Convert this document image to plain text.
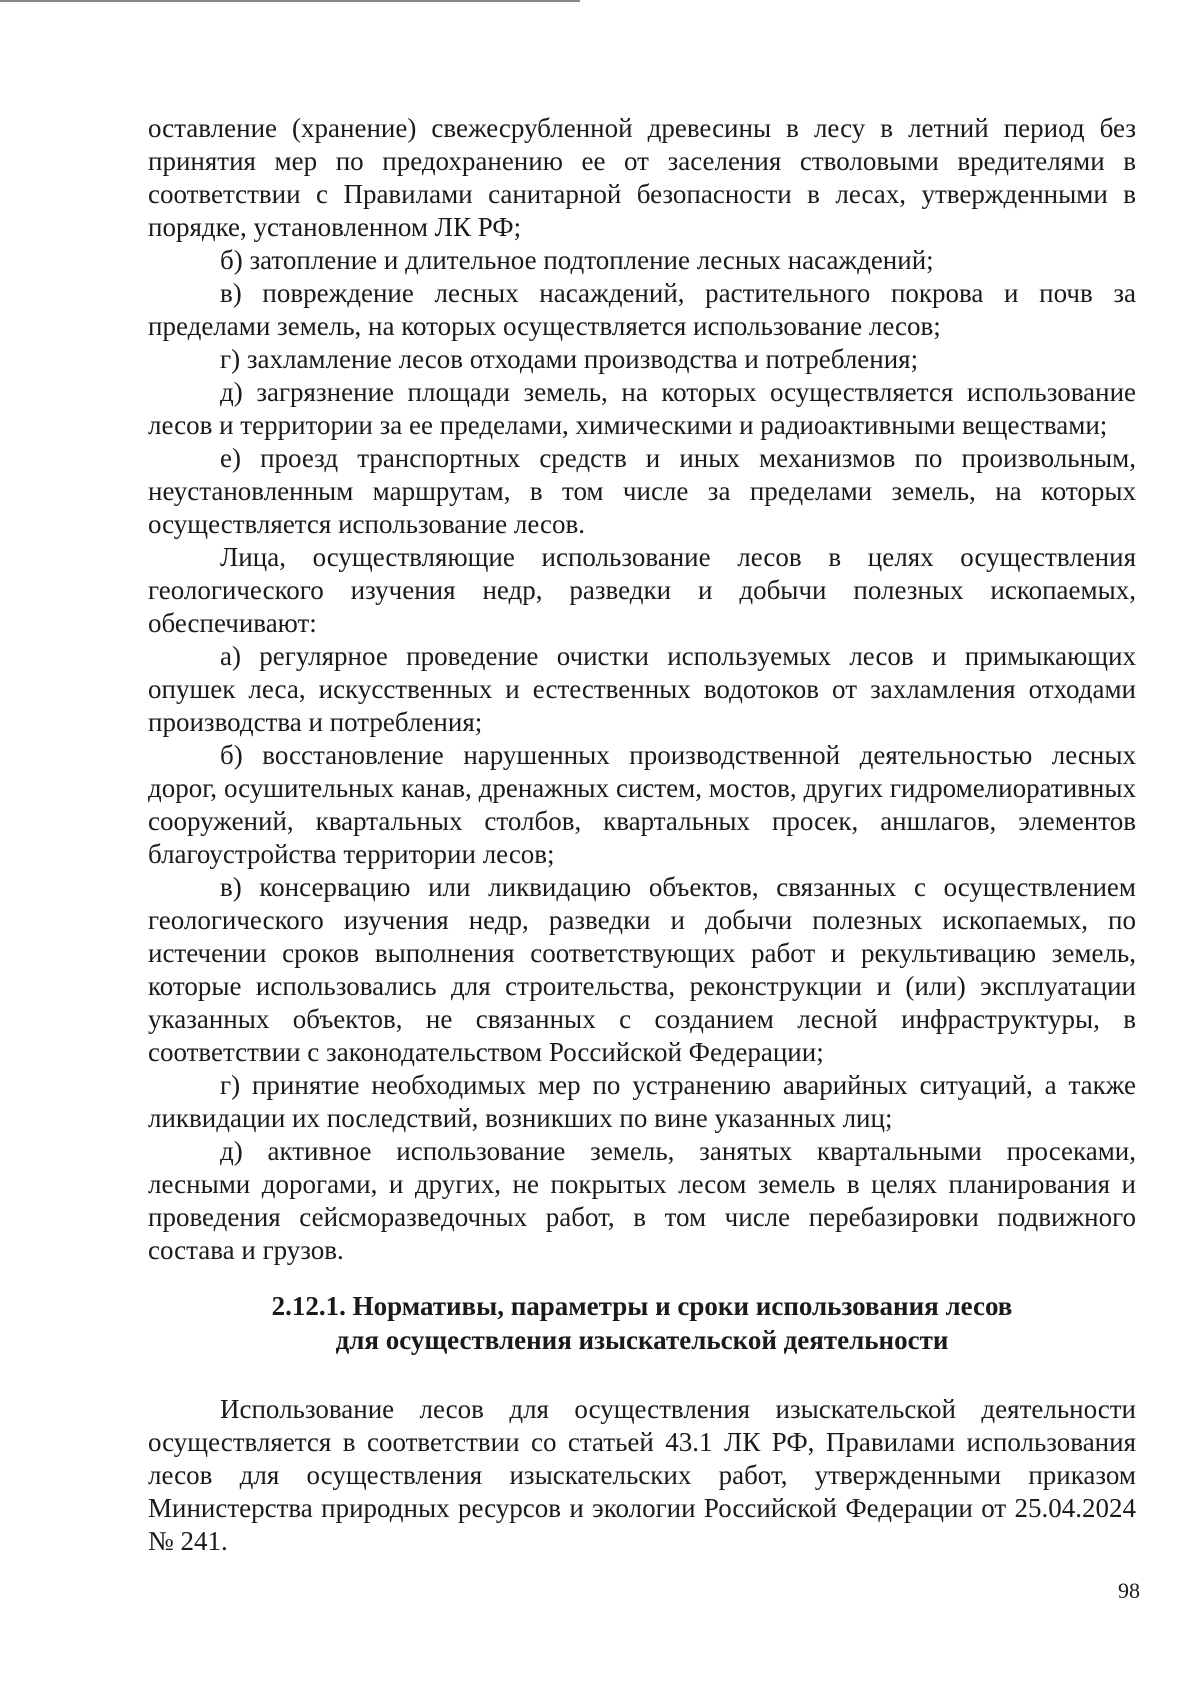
оставление (хранение) свежесрубленной древесины в лесу в летний период без принятия мер по предохранению ее от заселения стволовыми вредителями в соответствии с Правилами санитарной безопасности в лесах, утвержденными в порядке, установленном ЛК РФ;

б) затопление и длительное подтопление лесных насаждений;

в) повреждение лесных насаждений, растительного покрова и почв за пределами земель, на которых осуществляется использование лесов;

г) захламление лесов отходами производства и потребления;

д) загрязнение площади земель, на которых осуществляется использование лесов и территории за ее пределами, химическими и радиоактивными веществами;

е) проезд транспортных средств и иных механизмов по произвольным, неустановленным маршрутам, в том числе за пределами земель, на которых осуществляется использование лесов.

Лица, осуществляющие использование лесов в целях осуществления геологического изучения недр, разведки и добычи полезных ископаемых, обеспечивают:

а) регулярное проведение очистки используемых лесов и примыкающих опушек леса, искусственных и естественных водотоков от захламления отходами производства и потребления;

б) восстановление нарушенных производственной деятельностью лесных дорог, осушительных канав, дренажных систем, мостов, других гидромелиоративных сооружений, квартальных столбов, квартальных просек, аншлагов, элементов благоустройства территории лесов;

в) консервацию или ликвидацию объектов, связанных с осуществлением геологического изучения недр, разведки и добычи полезных ископаемых, по истечении сроков выполнения соответствующих работ и рекультивацию земель, которые использовались для строительства, реконструкции и (или) эксплуатации указанных объектов, не связанных с созданием лесной инфраструктуры, в соответствии с законодательством Российской Федерации;

г) принятие необходимых мер по устранению аварийных ситуаций, а также ликвидации их последствий, возникших по вине указанных лиц;

д) активное использование земель, занятых квартальными просеками, лесными дорогами, и других, не покрытых лесом земель в целях планирования и проведения сейсморазведочных работ, в том числе перебазировки подвижного состава и грузов.

2.12.1. Нормативы, параметры и сроки использования лесов
для осуществления изыскательской деятельности

Использование лесов для осуществления изыскательской деятельности осуществляется в соответствии со статьей 43.1 ЛК РФ, Правилами использования лесов для осуществления изыскательских работ, утвержденными приказом Министерства природных ресурсов и экологии Российской Федерации от 25.04.2024 № 241.

98
